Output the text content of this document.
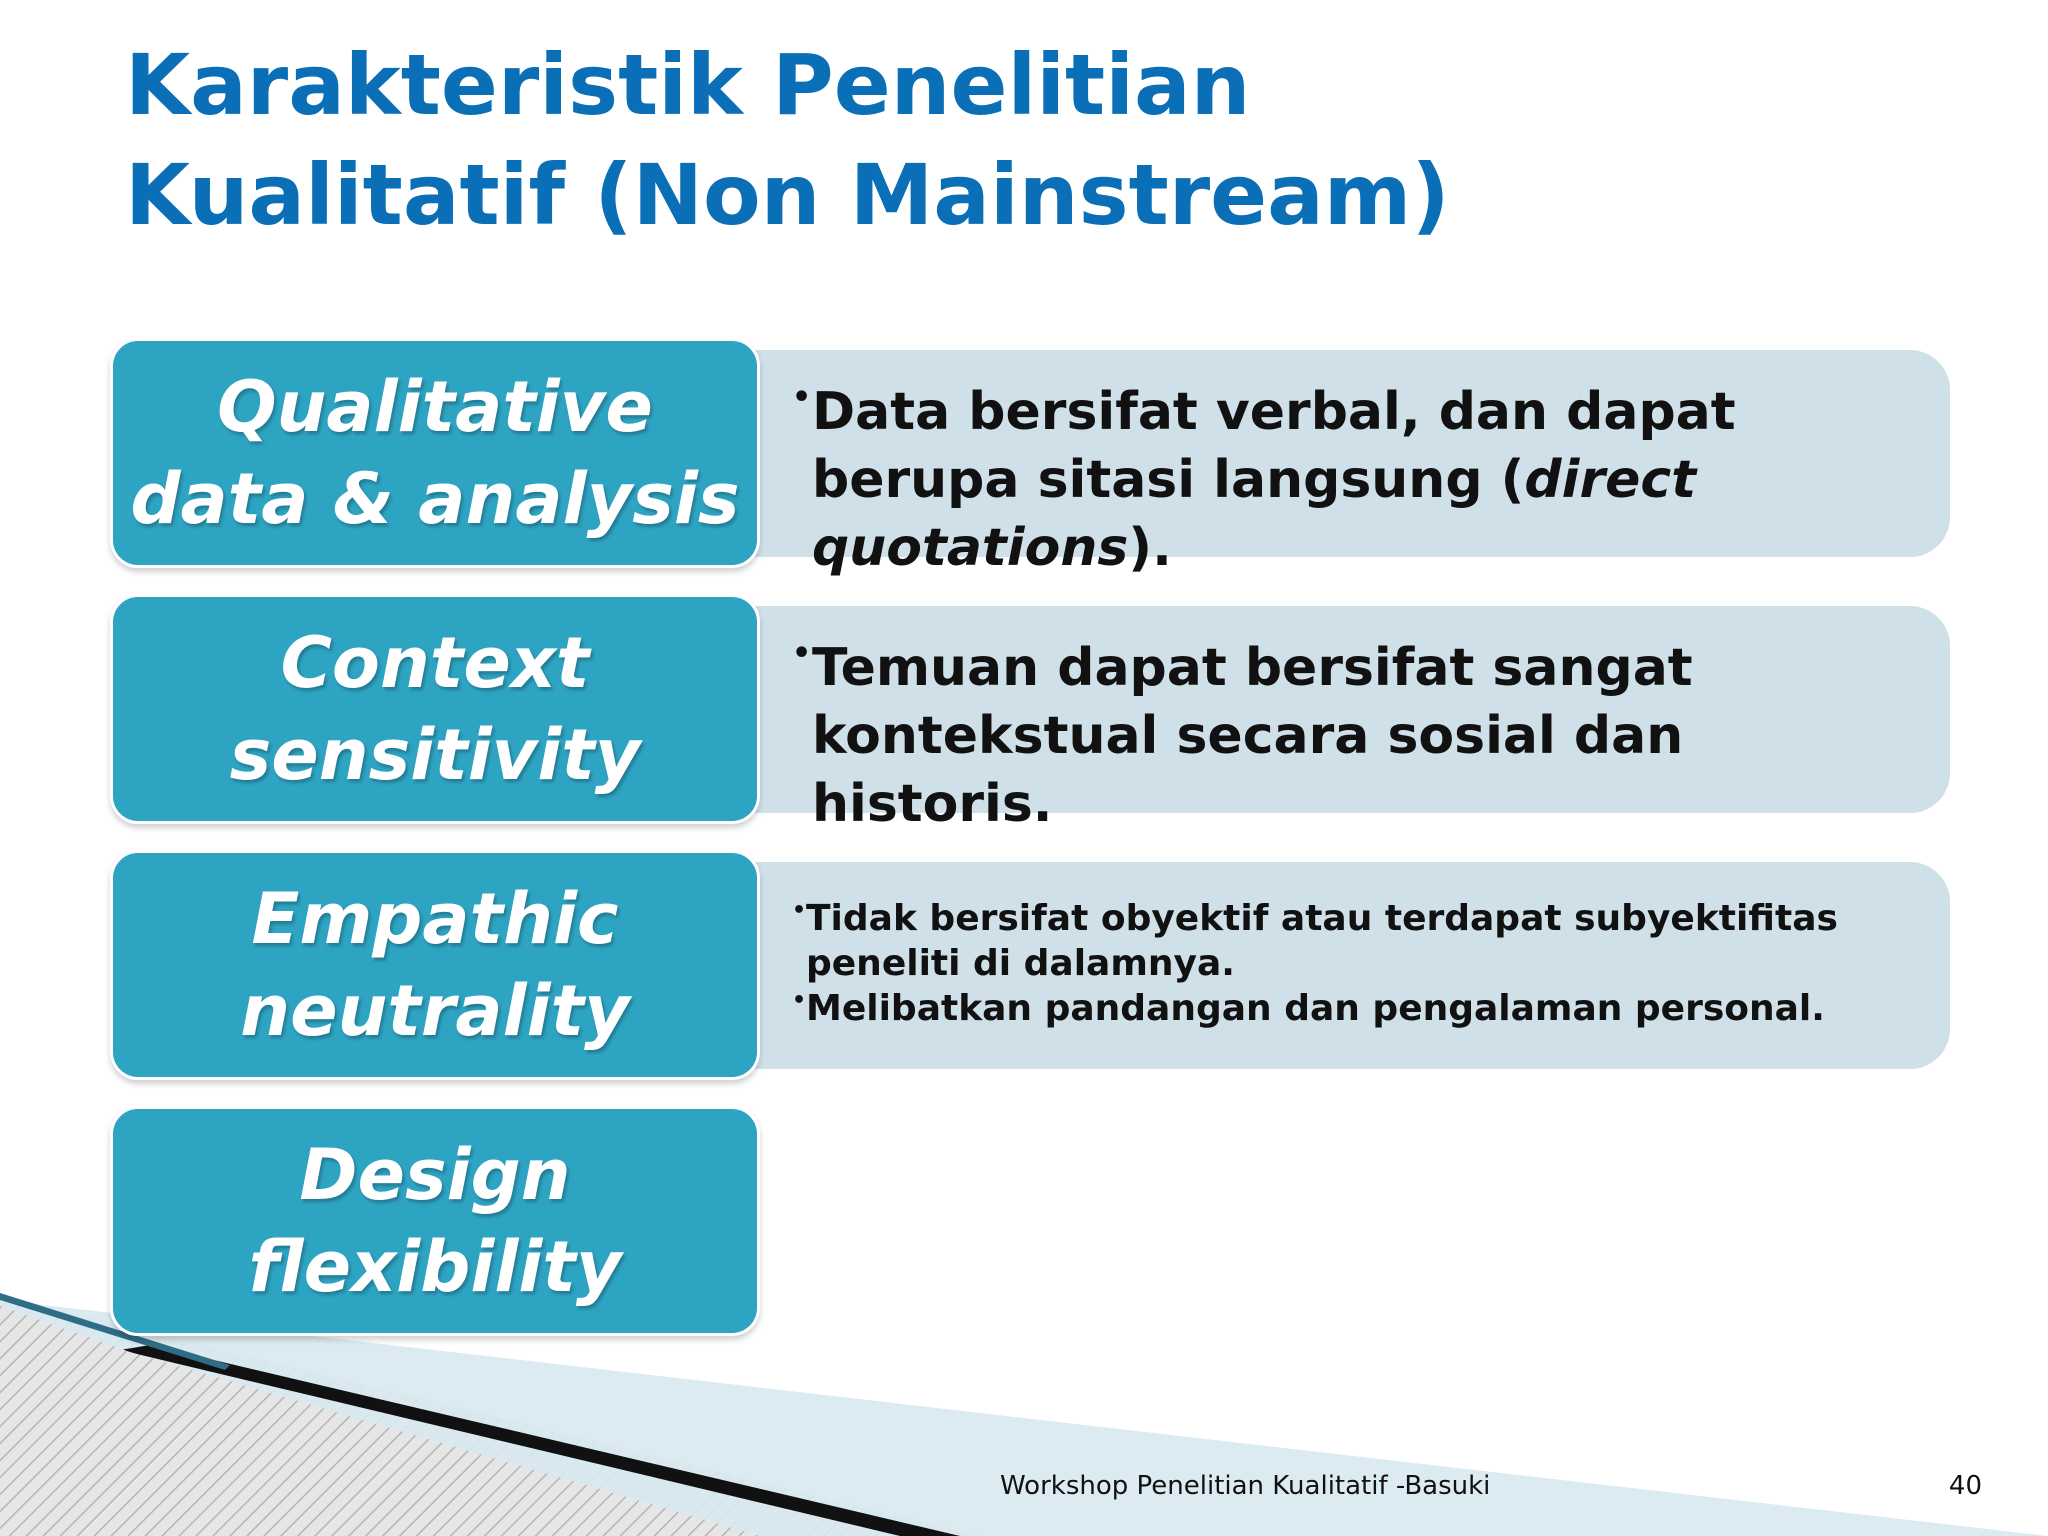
Karakteristik Penelitian
Kualitatif (Non Mainstream)

• Data bersifat verbal, dan dapat berupa sitasi langsung (direct quotations).

Qualitative
data & analysis

• Temuan dapat bersifat sangat kontekstual secara sosial dan historis.

Context
sensitivity

• Tidak bersifat obyektif atau terdapat subyektifitas peneliti di dalamnya.

• Melibatkan pandangan dan pengalaman personal.

Empathic
neutrality
Design
flexibility
Workshop Penelitian Kualitatif -Basuki	40
